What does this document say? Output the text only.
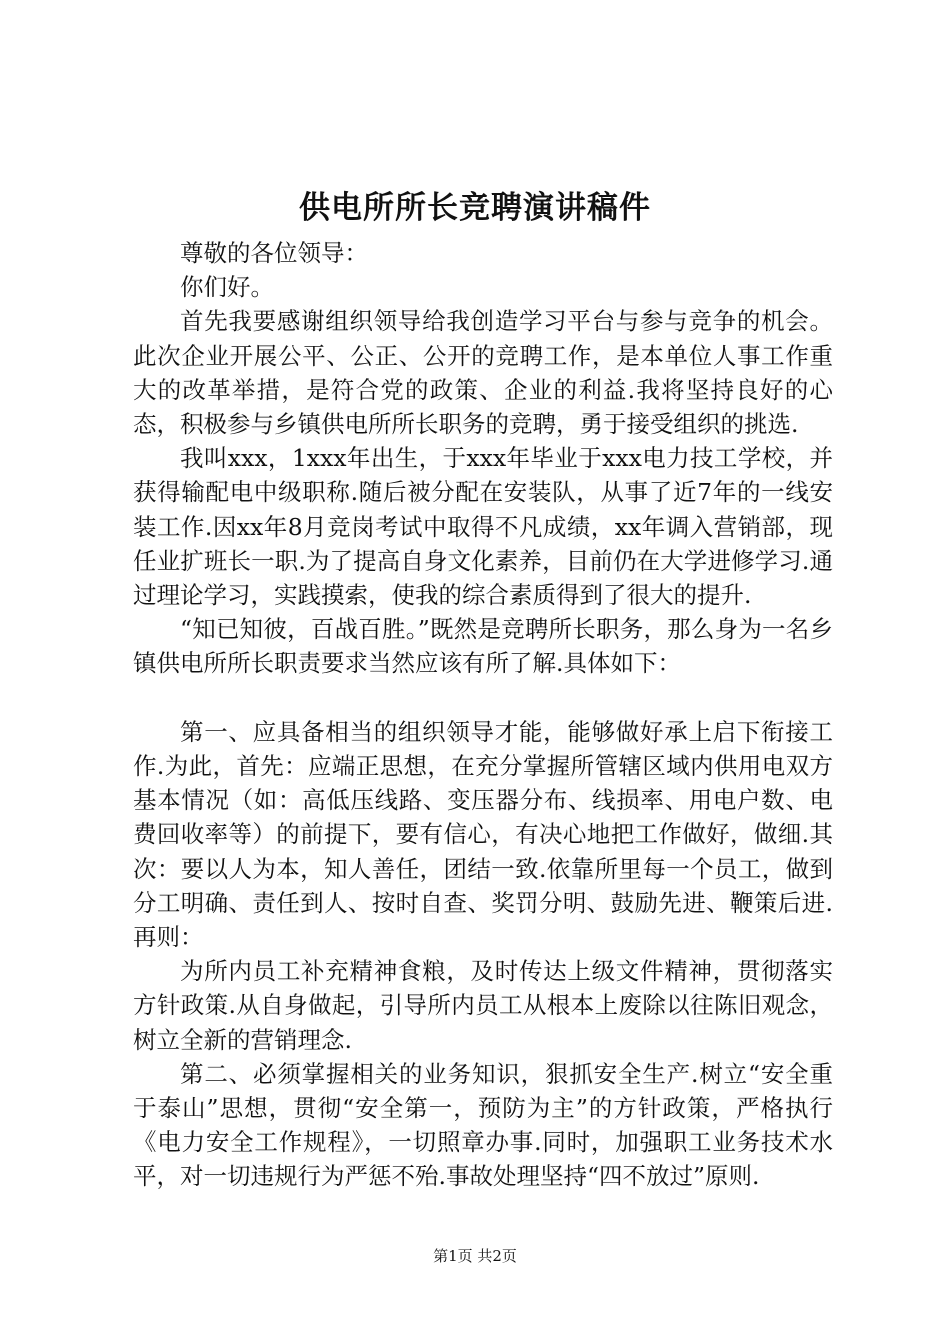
供电所所长竞聘演讲稿件

尊敬的各位领导：

你们好。

首先我要感谢组织领导给我创造学习平台与参与竞争的机会。此次企业开展公平、公正、公开的竞聘工作，是本单位人事工作重大的改革举措，是符合党的政策、企业的利益.我将坚持良好的心态，积极参与乡镇供电所所长职务的竞聘，勇于接受组织的挑选.

我叫xxx，1xxx年出生，于xxx年毕业于xxx电力技工学校，并获得输配电中级职称.随后被分配在安装队，从事了近7年的一线安装工作.因xx年8月竞岗考试中取得不凡成绩，xx年调入营销部，现任业扩班长一职.为了提高自身文化素养，目前仍在大学进修学习.通过理论学习，实践摸索，使我的综合素质得到了很大的提升.

“知已知彼，百战百胜。”既然是竞聘所长职务，那么身为一名乡镇供电所所长职责要求当然应该有所了解.具体如下：

第一、应具备相当的组织领导才能，能够做好承上启下衔接工作.为此，首先：应端正思想，在充分掌握所管辖区域内供用电双方基本情况（如：高低压线路、变压器分布、线损率、用电户数、电费回收率等）的前提下，要有信心，有决心地把工作做好，做细.其次：要以人为本，知人善任，团结一致.依靠所里每一个员工，做到分工明确、责任到人、按时自查、奖罚分明、鼓励先进、鞭策后进.再则：

为所内员工补充精神食粮，及时传达上级文件精神，贯彻落实方针政策.从自身做起，引导所内员工从根本上废除以往陈旧观念，树立全新的营销理念.

第二、必须掌握相关的业务知识，狠抓安全生产.树立“安全重于泰山”思想，贯彻“安全第一，预防为主”的方针政策，严格执行《电力安全工作规程》，一切照章办事.同时，加强职工业务技术水平，对一切违规行为严惩不殆.事故处理坚持“四不放过”原则.

第1页 共2页
